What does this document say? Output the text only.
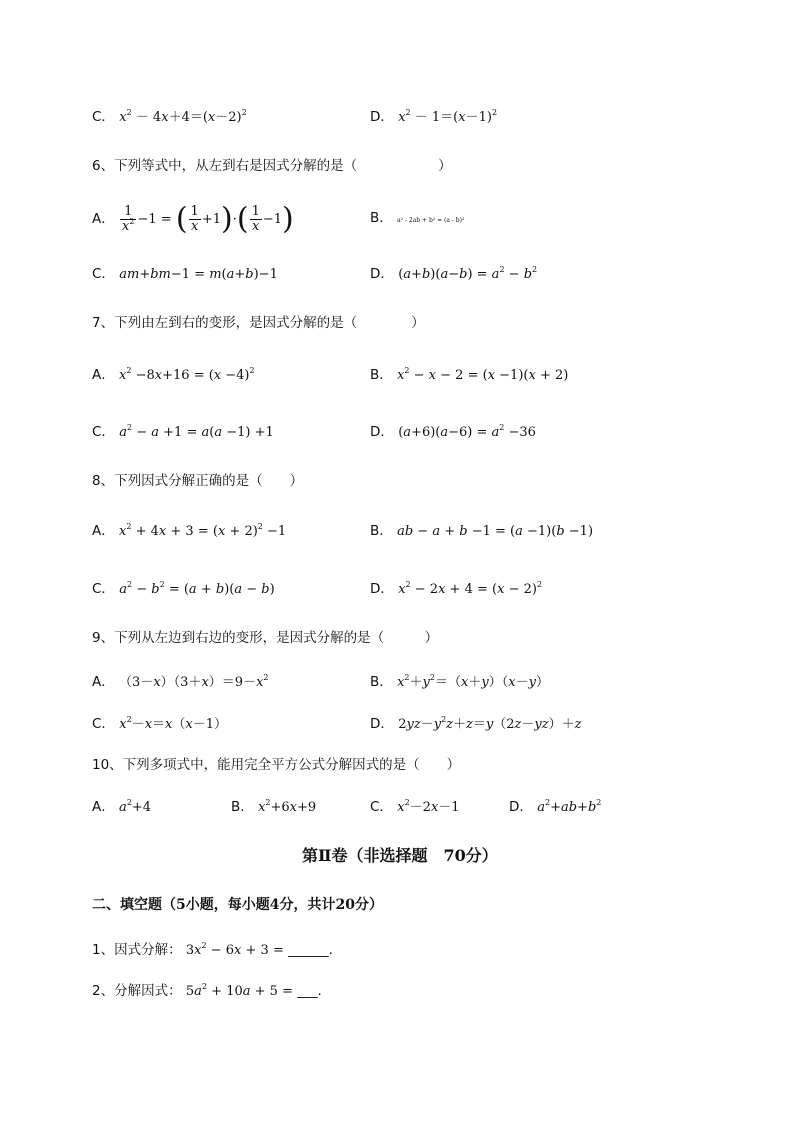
C． $x^2 - 4x+4=(x-2)^2$	D． $x^2 - 1=(x-1)^2$
6、下列等式中，从左到右是因式分解的是（　　　　　　）
A． $\frac{1}{x^2} -1$ = ( $\frac{1}{x} +1)\cdot( \frac{1}{x} -1)$	B． a² - 2ab + b² = (a - b)²
C． am+bm−1 = m(a+b)−1	D． $(a+b)(a-b) = a^2 - b^2$
7、下列由左到右的变形，是因式分解的是（　　　　）
A． $x^2 -8x+16 = (x -4)^2$	B． $x^2 - x - 2 = (x -1)(x + 2)$
C． $a^2 - a +1 = a(a -1) +1$	D． $(a+6)(a-6) = a^2 -36$
8、下列因式分解正确的是（　　）
A． $x^2 + 4x + 3 = (x + 2)^2 -1$	B． ab − a + b −1 = (a −1)(b −1)
C． $a^2 - b^2 = (a + b)(a - b)$	D． $x^2 - 2x + 4 = (x - 2)^2$
9、下列从左边到右边的变形，是因式分解的是（　　　）
A． $(3-x)(3+x)=9-x^2$	B． $x^2+y^2=(x+y)(x-y)$
C． $x^2-x=x(x-1)$	D． $2yz-y^2z+z=y(2z-yz)+z$
10、下列多项式中，能用完全平方公式分解因式的是（　　）
A． $a^2+4$	B． $x^2+6x+9$	C． $x^2-2x-1$	D． $a^2+ab+b^2$
第Ⅱ卷（非选择题　70分）
二、填空题（5小题，每小题4分，共计20分）
1、因式分解： $3x^2 - 6x + 3$ = ______.
2、分解因式： $5a^2 + 10a + 5$ = ___.
